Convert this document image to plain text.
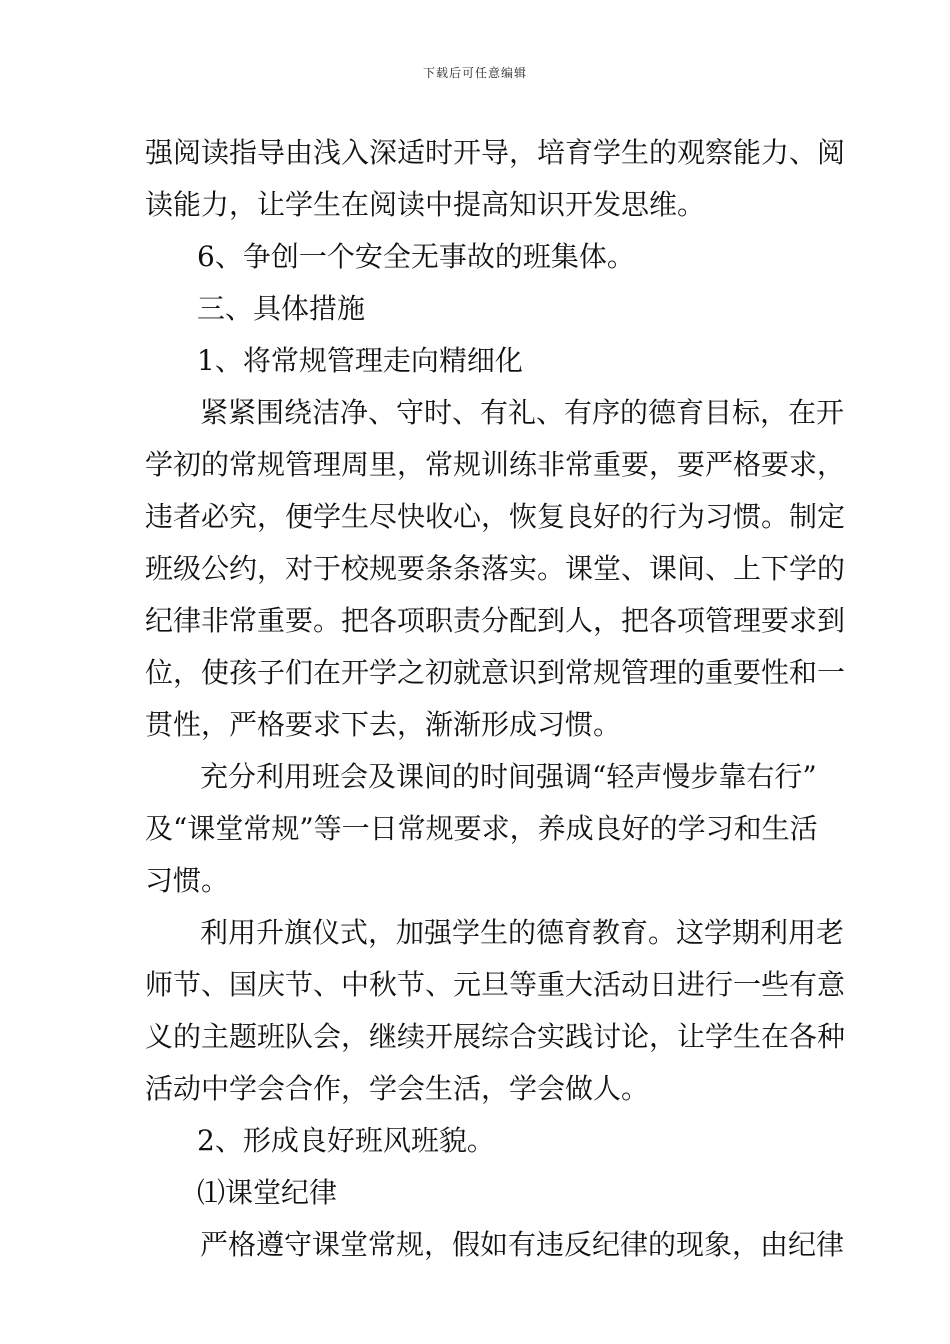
下载后可任意编辑
强阅读指导由浅入深适时开导，培育学生的观察能力、阅
读能力，让学生在阅读中提高知识开发思维。
6、争创一个安全无事故的班集体。
三、具体措施
1、将常规管理走向精细化
紧紧围绕洁净、守时、有礼、有序的德育目标，在开
学初的常规管理周里，常规训练非常重要，要严格要求，
违者必究，便学生尽快收心，恢复良好的行为习惯。制定
班级公约，对于校规要条条落实。课堂、课间、上下学的
纪律非常重要。把各项职责分配到人，把各项管理要求到
位，使孩子们在开学之初就意识到常规管理的重要性和一
贯性，严格要求下去，渐渐形成习惯。
充分利用班会及课间的时间强调“轻声慢步靠右行”
及“课堂常规”等一日常规要求，养成良好的学习和生活
习惯。
利用升旗仪式，加强学生的德育教育。这学期利用老
师节、国庆节、中秋节、元旦等重大活动日进行一些有意
义的主题班队会，继续开展综合实践讨论，让学生在各种
活动中学会合作，学会生活，学会做人。
2、形成良好班风班貌。
⑴课堂纪律
严格遵守课堂常规，假如有违反纪律的现象，由纪律
